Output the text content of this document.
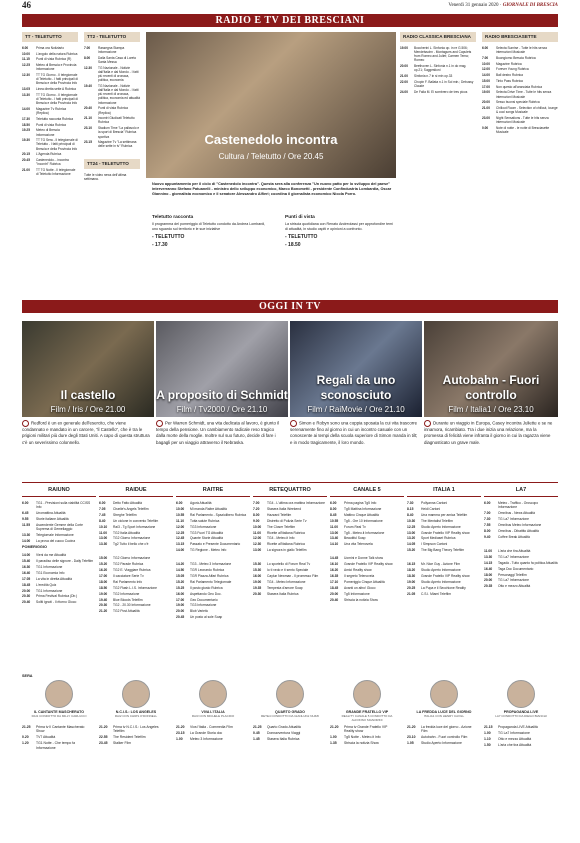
46	Venerdì 31 gennaio 2020 · GIORNALE DI BRESCIA
RADIO E TV DEI BRESCIANI
TT - TELETUTTO
6.00	Prima ora Notiziario
10.00	L'angolo della natura Rubrica
11.15	Punti di vista Rubrica (R)
12.25	Meteo di Brescia e Provincia Informazione
12.30	TT TG Giorno - Il telegiornale di Teletutto - I fatti principali di Brescia e della Provincia Info
13.05	Linea diretta sette A Rubrica
13.30	TT TG Giorno - Il telegiornale di Teletutto - I fatti principali di Brescia e della Provincia Info
14.00	Magazine Tv Rubrica (Replica)
17.30	Teletutto racconta Rubrica
18.50	Punti di vista Rubrica
19.25	Meteo di Brescia Informazione
19.30	TT TG Sera - Il telegiornale di Teletutto - I fatti principali di Brescia e della Provincia Info
20.15	L'Agenda Rubrica
20.45	Castenedolo... incontra "Incontri" Rubrica
21.00	TT TG Notte - Il telegiornale di Teletutto Informazione
TT2 - TELETUTTO
7.00	Rassegna Stampa Informazione
8.00	Dalla Santa Casa di Loreto Santa Messa
12.30	TG Nazionale - Notizie dall'Italia e dal Mondo - I fatti più recenti di cronaca, politica, economia
19.40	TG Nazionale - Notizie dall'Italia e dal Mondo - I fatti più recenti di cronaca, politica, economia ed attualità Informazione
20.40	Punti di vista Rubrica (Replica)
21.10	Incontri Giudicati Teletutto Rubrica
23.10	Stadium Time "La pallavolo e la sport di Brescia" Rubrica sportiva
23.15	Magazine Tv "La settimana delle sette in tv" Rubrica
TT24 - TELETUTTO
Tutte le video news dell'ultima settimana.
Castenedolo incontra
Cultura / Teletutto / Ore 20.45
Nuovo appuntamento per il ciclo di "Castenedolo incontra". Questa sera alla conferenza "Un nuovo patto per lo sviluppo del paese" interverranno Stefano Patuanelli - ministro dello sviluppo economico, Marco Bonometti - presidente Confindustria Lombardia, Oscar Giannino - giornalista economico e il senatore Alessandro Alfieri; coordina il giornalista economico Nicola Porro.
Teletutto racconta
Il programma del pomeriggio di Teletutto condotto da Andrea Lombardi, uno sguardo sul territorio e le sue iniziative
- TELETUTTO
- 17.30
Punti di vista
La striscia quotidiana con Renato Andreolassi per approfondire temi di attualità, in studio ospiti e opinioni a confronto.
- TELETUTTO
- 18.50
RADIO CLASSICA BRESCIANA
19.00	Boccherini L. Sinfonia op. in re G.506; Mendelssohn - Montagues and Capulets from Romeo and Juliet; Carmen Tema; Romeo
20.00	Beethoven L. Sinfonia n.1 in do mag. op.21; Suggestioni
21.00	Sinfonia n.7 in si min op.33
22.00	Chopin F. Ballata n.1 in Sol min.; Debussy Claude
24.00	De Falla M. El sombrero de tres picos
RADIO BRESCIASETTE
6.00	Selecta Sunrise - Tutte le hits senza interruzioni Musicale
7.00	Buongiorno Brescia Rubrica
10.00	Magazine Rubrica
12.00	Forever Young Rubrica
14.00	Ball destro Rubrica
15.00	Tinto Pass Rubrica
17.00	Non questo all'aranciata Rubrica
19.00	Selecta Drive Time - Tutte le hits senza interruzioni Musicale
20.00	Sesso buonsi speciale Rubrica
21.00	Chillout Room - Selection of chillout, lounge & cool songs Musicale
23.00	Night Sensations - Tutte le hits senza interruzioni Musicale
0.00	Note di notte - le notte di Bresciasette Musicale
OGGI IN TV
Il castello
Film / Iris / Ore 21.00
Redford è un ex generale dell'esercito, che viene condannato e mandato in un carcere, "il Castello", che è tra le prigioni militari più dure degli Stati Uniti. A capo di questa struttura c'è un severissimo colonnello.
A proposito di Schmidt
Film / Tv2000 / Ore 21.10
Per Warren Schmidt, una vita dedicata al lavoro, è giunto il tempo della pensione. Un cambiamento radicale reso tragico dalla morte della moglie. Inoltre sul suo futuro, decide di fare i bagagli per un viaggio attraverso il Nebraska.
Regali da uno sconosciuto
Film / RaiMovie / Ore 21.10
Simon e Robyn sono una coppia sposata la cui vita trascorre serenamente fino al giorno in cui un incontro casuale con un conoscente ai tempi della scuola superiore di Simon manda in tilt; e in modo tragicamente, il loro mondo.
Autobahn - Fuori controllo
Film / Italia1 / Ore 23.10
Durante un viaggio in Europa, Casey incontra Juliette e se ne innamora, ricambiato. Tra i due inizia una relazione, ma la promessa di felicità viene infranta il giorno in cui la ragazza viene diagnosticato un grave male.
RAIUNO
6.00	TG1 - Previsioni sulla viabilità CCISS Info
6.45	Unomattina Attualità
9.55	Storie italiane Attualità
11.55	Ascendente Gemme della Corte Suprema di Gemellaggio
13.30	Telegiornale Informazione
14.00	La prova del cuoco Cucina
POMERIGGIO
14.00	Vieni da me Attualità
15.40	Il paradiso delle signore - Daily Telefilm
16.30	TG1 Informazione
16.40	TG1 Economia Info
17.05	La vita in diretta Attualità
18.45	L'eredità Quiz
20.00	TG1 Informazione
20.30	Prima Festival Rubrica (Dir.)
20.40	Soliti ignoti - Il ritorno Gioco
RAIDUE
6.00	Detto Fatto Attualità
7.05	Charlie's Angels Telefilm
7.45	Streghe Telefilm
8.40	Un ciclone in convento Telefilm
10.10	Rai3 - Tg Sport Informazione
11.00	TG2 Italia Attualità
13.00	TG2 Giorno Informazione
13.30	Tg2 Tutto il bello che c'è

15.00	TG2 Giorno Informazione
15.20	TG2 Parade Rubrica
16.20	TG2 E. Viaggiare Rubrica
17.00	Il cacciatore Serie Tv
18.00	Rai Parlamento Info
18.50	TG2 Flash L.I.S. Informazione
19.00	TG2 Informazione
19.40	Blue Bloods Telefilm
20.30	TG2 - 20.30 Informazione
21.20	TG2 Post Attualità
RAITRE
6.00	Agorà Attualità
10.00	Mi manda Raitre Attualità
10.55	Rai Parlamento - Spaziolibero Rubrica
11.10	Tutta salute Rubrica
12.00	TG3 Informazione
12.25	TG3 Fuori TG Attualità
12.45	Quante Storie Attualità
13.15	Passato e Presente Documentario
14.00	TG Regione - Meteo Info

14.20	TG3 - Meteo 3 Informazione
14.50	TGR Leonardo Rubrica
15.05	TGR Piazza Affari Rubrica
15.20	Rai Parlamento Telegiornale
15.25	Il posto giusto Rubrica
16.00	Aspettando Geo Doc.
17.00	Geo Documentario
19.00	TG3 Informazione
20.00	Blob Varietà
20.45	Un posto al sole Soap
RETEQUATTRO
7.00	TG4 - L'ultima ora mattina Informazione
7.20	Stasera Italia Weekend
8.00	Hazzard Telefilm
9.00	Distretto di Polizia Serie Tv
10.00	The Closer Telefilm
11.00	Ricette all'italiana Rubrica
12.00	TG4 - Meteo.it Info
12.30	Ricette all'italiana Rubrica
13.00	La signora in giallo Telefilm

15.30	Lo sportello di Forum Real Tv
15.30	Io ti vedo e ti sento Speciale
16.00	Caylun Newman - Il promesso Film
19.00	TG4 - Meteo Informazione
19.35	Tempesta d'amore Soap
20.30	Stasera Italia Rubrica
CANALE 5
6.00	Prima pagina Tg5 Info
8.00	Tg5 Mattina Informazione
8.45	Mattino Cinque Attualità
10.55	Tg5 - Ore 10 Informazione
11.00	Forum Real Tv
13.00	Tg5 - Meteo.it Informazione
13.40	Beautiful Soap
14.10	Una vita Telenovela

14.45	Uomini e Donne Talk show
16.10	Grande Fratello VIP Reality show
16.20	Amici Reality show
16.35	Il segreto Telenovela
17.10	Pomeriggio Cinque Attualità
18.45	Avanti un altro! Gioco
20.00	Tg5 Informazione
20.40	Striscia la notizia Show
ITALIA 1
7.30	Pollyanna Cartoni
8.15	Heidi Cartoni
8.40	Una mamma per amica Telefilm
10.30	The Mentalist Telefilm
12.25	Studio Aperto Informazione
13.00	Grande Fratello VIP Reality show
13.20	Sport Mediaset Rubrica
14.05	I Simpson Cartoni
15.20	The Big Bang Theory Telefilm

16.15	Mr. Nice Guy - Azione Film
18.20	Studio Aperto Informazione
18.30	Grande Fratello VIP Reality show
19.00	Studio Aperto Informazione
20.25	La Pupa e il Secchione Reality
21.05	C.S.I. Miami Telefilm
LA7
6.00	Meteo - Traffico - Oroscopo Informazione
7.00	Omnibus - News Attualità
7.30	TG La7 Informazione
7.55	Omnibus Meteo Informazione
8.00	Omnibus - Dibattito Attualità
9.40	Coffee Break Attualità

11.00	L'aria che tira Attualità
13.30	TG La7 Informazione
14.15	Tagadà - Tutto quanto fa politica Attualità
16.40	Taga Doc Documentario
18.00	Personaggi Telefilm
20.00	TG La7 Informazione
20.35	Otto e mezzo Attualità
SERA
IL CANTANTE MASCHERATO
RAI1 CONDOTTO DA MILLY CARLUCCI
21.25	Prima tv Il Cantante Mascherato Show
0.20	TV7 Attualità
1.20	TG1 Notte - Che tempo fa Informazione
N.C.I.S.: LOS ANGELES
RAI2 CON CHRIS O'DONNELL
21.20	Prima tv N.C.I.S.: Los Angeles Telefilm
22.55	The Resident Telefilm
23.45	Stalker Film
VIVA L'ITALIA
RAI3 CON MICHELE PLACIDO
21.20	Viva l'Italia - Commedia Film
23.15	La Grande Storia doc
1.00	Meteo 3 Informazione
QUARTO GRADO
RETE4 CONDOTTO DA GIANLUIGI NUZZI
21.25	Quarto Grado Attualità
0.45	Donnavventura Viaggi
1.45	Stasera Italia Rubrica
GRANDE FRATELLO VIP
REALITY CANALE 5 CONDOTTO DA ALFONSO SIGNORINI
21.20	Prima tv Grande Fratello VIP Reality show
1.00	Tg5 Notte - Meteo.it Info
1.35	Striscia la notizia Show
LA FREDDA LUCE DEL GIORNO
ITALIA1 CON HENRY CAVILL
21.20	La fredda luce del giorno - Azione Film
23.10	Autobahn - Fuori controllo Film
1.05	Studio Aperto Informazione
PROPAGANDA LIVE
LA7 CONDOTTO DA DIEGO BIANCHI
21.15	Propaganda LIVE Attualità
1.00	TG La7 Informazione
1.10	Otto e mezzo Attualità
1.50	L'aria che tira Attualità
